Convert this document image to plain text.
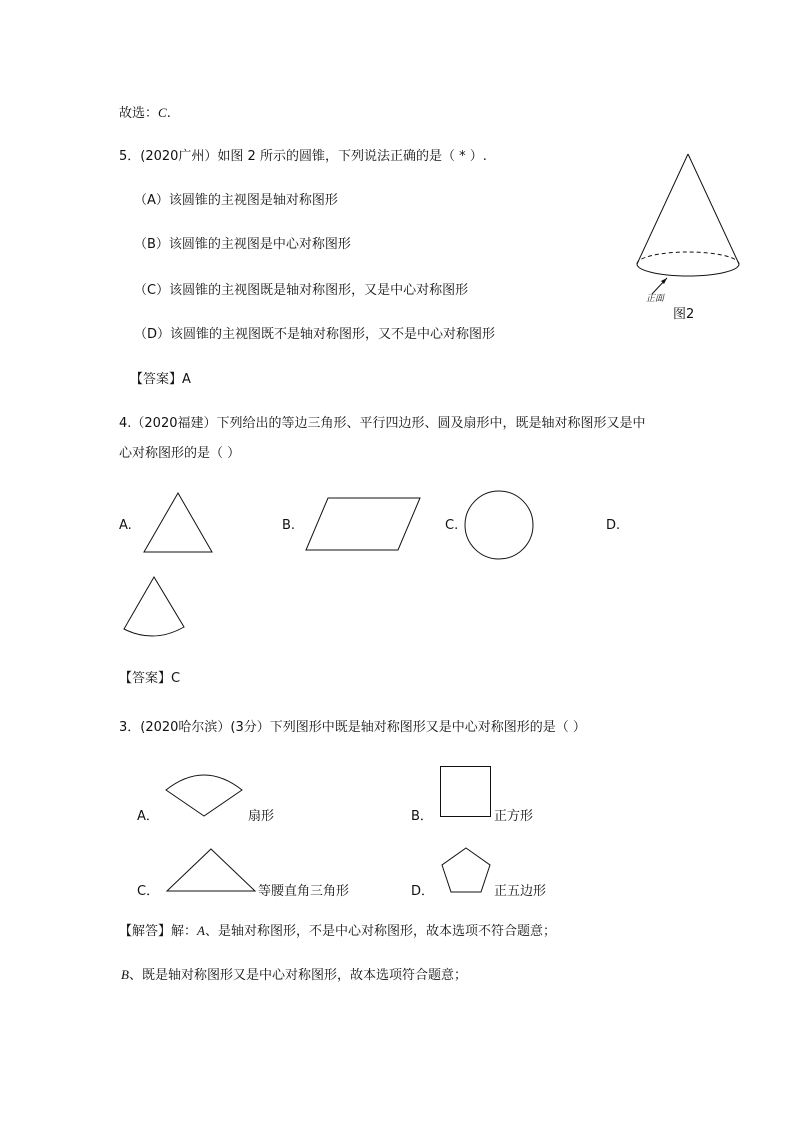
故选：C.
5．(2020广州）如图 2 所示的圆锥，下列说法正确的是（ * ）.
（A）该圆锥的主视图是轴对称图形
（B）该圆锥的主视图是中心对称图形
（C）该圆锥的主视图既是轴对称图形，又是中心对称图形
（D）该圆锥的主视图既不是轴对称图形，又不是中心对称图形
正面
图2
【答案】A
4.（2020福建）下列给出的等边三角形、平行四边形、圆及扇形中，既是轴对称图形又是中
心对称图形的是（ ）
A.	B.	C.	D.
【答案】C
3．(2020哈尔滨）(3分）下列图形中既是轴对称图形又是中心对称图形的是（ ）
A．	扇形	B．	正方形
C．	等腰直角三角形	D．	正五边形
【解答】解：A、是轴对称图形，不是中心对称图形，故本选项不符合题意；
B、既是轴对称图形又是中心对称图形，故本选项符合题意；
